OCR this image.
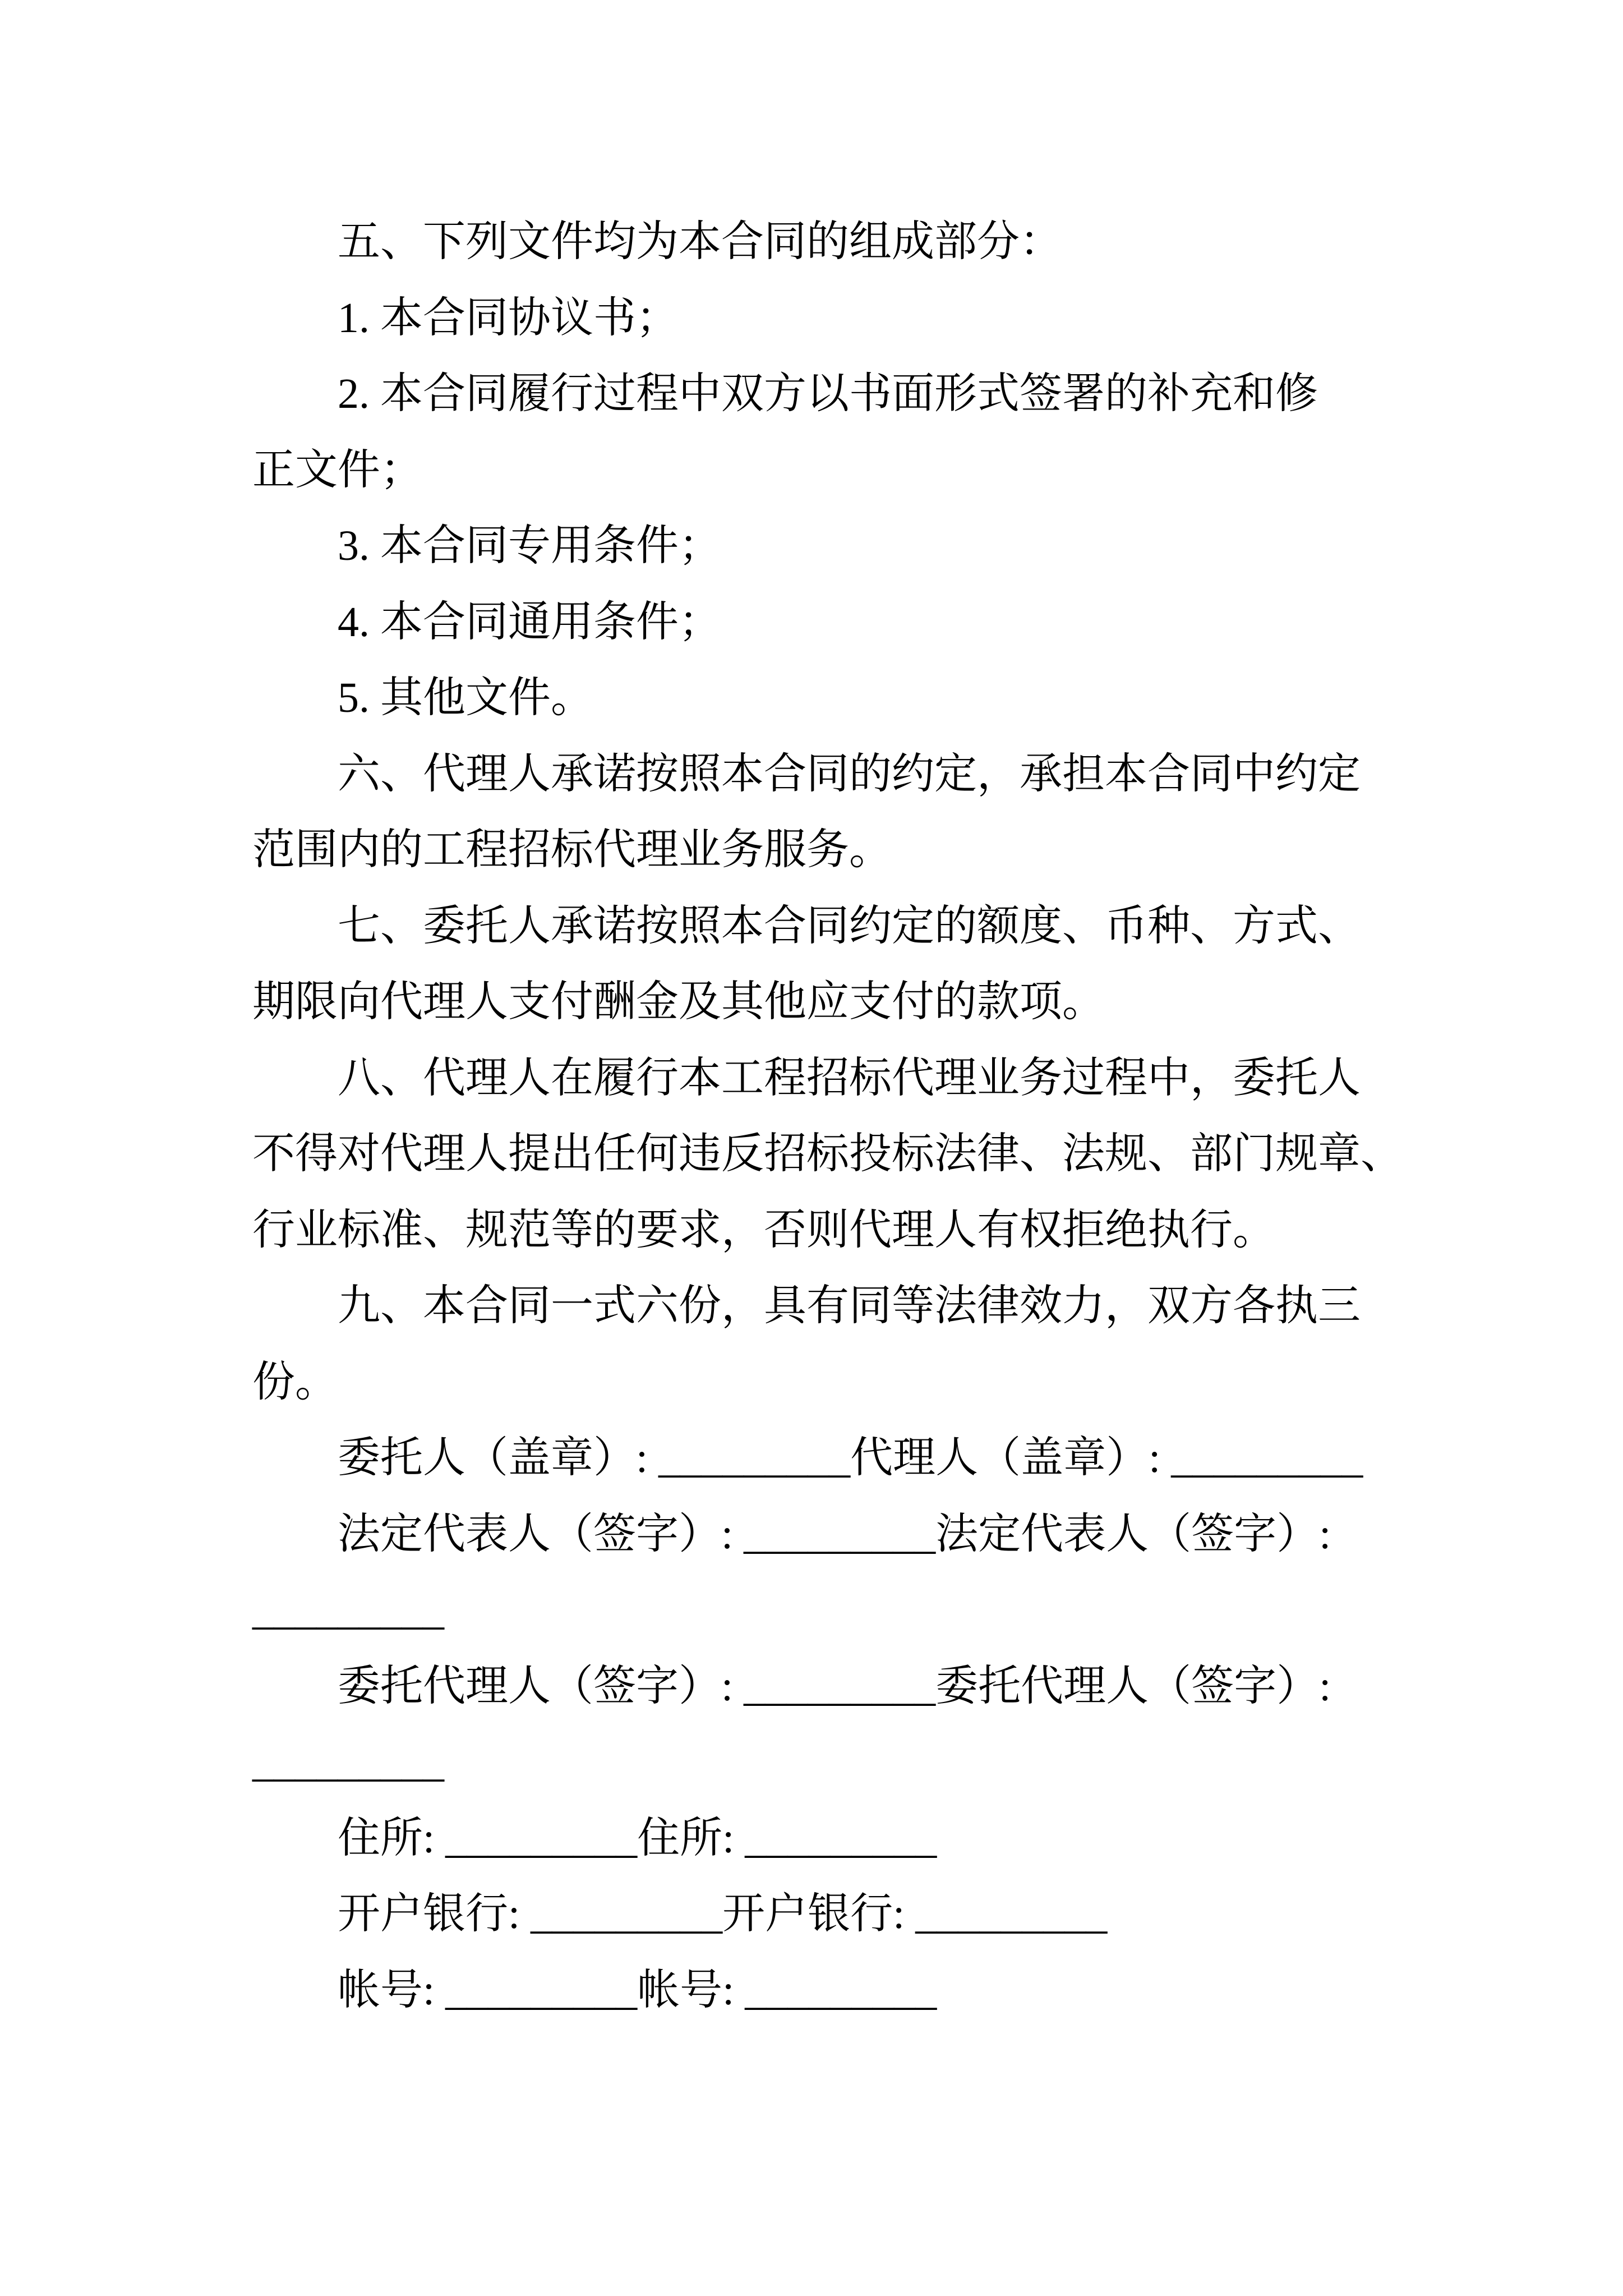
五、下列文件均为本合同的组成部分：
1. 本合同协议书；
2. 本合同履行过程中双方以书面形式签署的补充和修
正文件；
3. 本合同专用条件；
4. 本合同通用条件；
5. 其他文件。
六、代理人承诺按照本合同的约定，承担本合同中约定
范围内的工程招标代理业务服务。
七、委托人承诺按照本合同约定的额度、币种、方式、
期限向代理人支付酬金及其他应支付的款项。
八、代理人在履行本工程招标代理业务过程中，委托人
不得对代理人提出任何违反招标投标法律、法规、部门规章、
行业标准、规范等的要求，否则代理人有权拒绝执行。
九、本合同一式六份，具有同等法律效力，双方各执三
份。
委托人（盖章）: _________代理人（盖章）: _________
法定代表人（签字）: _________法定代表人（签字）:
_________
委托代理人（签字）: _________委托代理人（签字）:
_________
住所: _________住所: _________
开户银行: _________开户银行: _________
帐号: _________帐号: _________
